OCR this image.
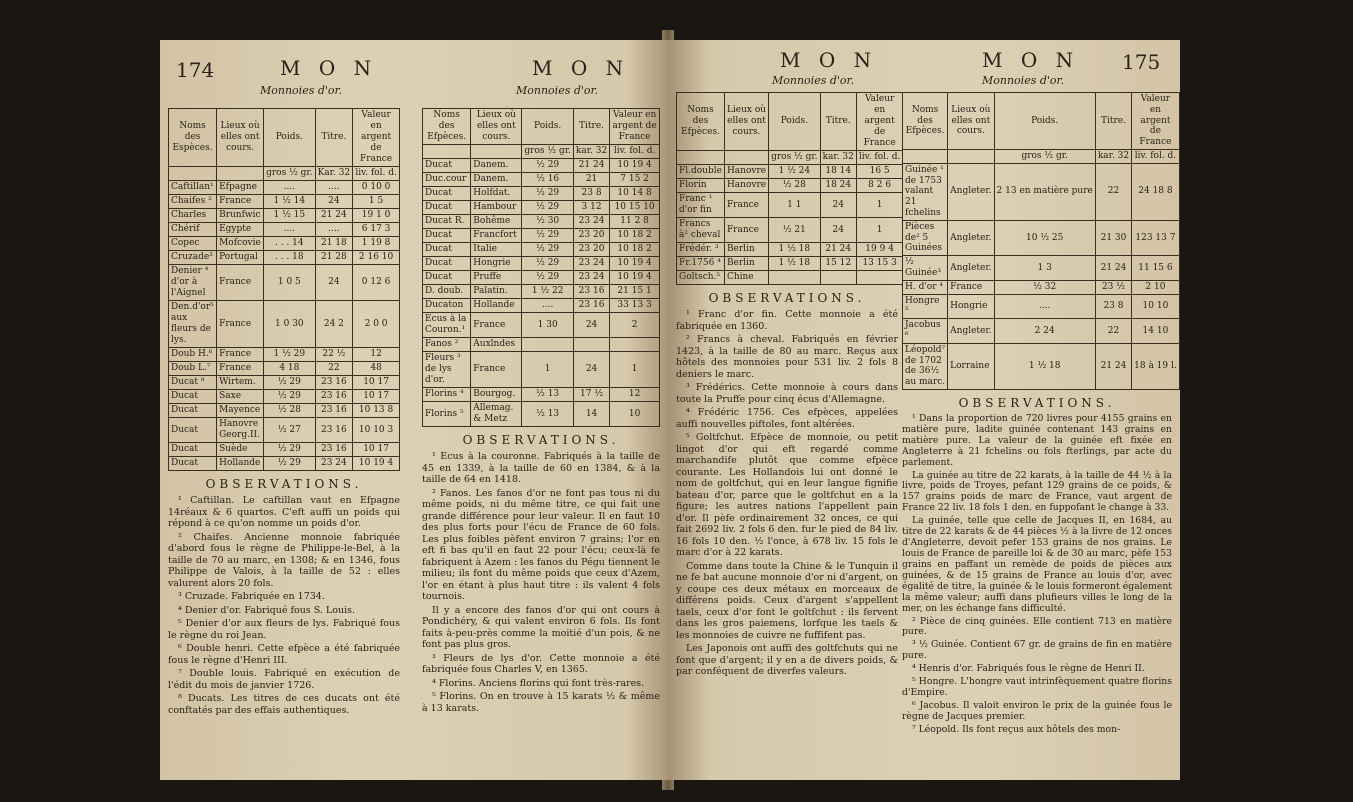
174	M O N
Monnoies d'or.
M O N
Monnoies d'or.
Noms des Espèces.	Lieux où elles ont cours.	Poids.	Titre.	Valeur en argent de France
		gros ½ gr.	Kar. 32	liv. fol. d.
Caftillan¹	Efpagne	....	....	0 10 0
Chaifes ²	France	1 ½ 14	24	1 5
Charles	Brunfwic	1 ½ 15	21 24	19 1 0
Chérif	Egypte	....	....	6 17 3
Copec	Mofcovie	. . . 14	21 18	1 19 8
Cruzade³	Portugal	. . . 18	21 28	2 16 10
Denier ⁴ d'or à l'Aignel	France	1 0 5	24	0 12 6
Den.d'or⁵ aux fleurs de lys.	France	1 0 30	24 2	2 0 0
Doub H.⁶	France	1 ½ 29	22 ½	12
Doub L.⁷	France	4 18	22	48
Ducat ⁸	Wirtem.	½ 29	23 16	10 17
Ducat	Saxe	½ 29	23 16	10 17
Ducat	Mayence	½ 28	23 16	10 13 8
Ducat	Hanovre Georg.II.	½ 27	23 16	10 10 3
Ducat	Suède	½ 29	23 16	10 17
Ducat	Hollande	½ 29	23 24	10 19 4
OBSERVATIONS.

¹ Caftillan. Le caftillan vaut en Efpagne 14réaux & 6 quartos. C'eft auffi un poids qui répond à ce qu'on nomme un poids d'or.

² Chaifes. Ancienne monnoie fabriquée d'abord fous le règne de Philippe-le-Bel, à la taille de 70 au marc, en 1308; & en 1346, fous Philippe de Valois, à la taille de 52 : elles valurent alors 20 fols.

³ Cruzade. Fabriquée en 1734.

⁴ Denier d'or. Fabriqué fous S. Louis.

⁵ Denier d'or aux fleurs de lys. Fabriqué fous le règne du roi Jean.

⁶ Double henri. Cette efpèce a été fabriquée fous le règne d'Henri III.

⁷ Double louis. Fabriqué en exécution de l'édit du mois de janvier 1726.

⁸ Ducats. Les titres de ces ducats ont été conftatés par des effais authentiques.

Noms des Efpèces.	Lieux où elles ont cours.	Poids.	Titre.	Valeur en argent de France
		gros ½ gr.	kar. 32	liv. fol. d.
Ducat	Danem.	½ 29	21 24	10 19 4
Duc.cour	Danem.	½ 16	21	7 15 2
Ducat	Holfdat.	½ 29	23 8	10 14 8
Ducat	Hambour	½ 29	3 12	10 15 10
Ducat R.	Bohême	½ 30	23 24	11 2 8
Ducat	Francfort	½ 29	23 20	10 18 2
Ducat	Italie	½ 29	23 20	10 18 2
Ducat	Hongrie	½ 29	23 24	10 19 4
Ducat	Pruffe	½ 29	23 24	10 19 4
D. doub.	Palatin.	1 ½ 22	23 16	21 15 1
Ducaton	Hollande	....	23 16	33 13 3
Ecus à la Couron.¹	France	1 30	24	2
Fanos ²	Auxlndes			
Fleurs ³ de lys d'or.	France	1	24	1
Florins ⁴	Bourgog.	½ 13	17 ½	12
Florins ⁵	Allemag. & Metz	½ 13	14	10
OBSERVATIONS.

¹ Ecus à la couronne. Fabriqués à la taille de 45 en 1339, à la taille de 60 en 1384, & à la taille de 64 en 1418.

² Fanos. Les fanos d'or ne font pas tous ni du même poids, ni du même titre, ce qui fait une grande différence pour leur valeur. Il en faut 10 des plus forts pour l'écu de France de 60 fols. Les plus foibles pèfent environ 7 grains; l'or en eft fi bas qu'il en faut 22 pour l'écu; ceux-là fe fabriquent à Azem : les fanos du Pégu tiennent le milieu; ils font du même poids que ceux d'Azem, l'or en étant à plus haut titre : ils valent 4 fols tournois.

Il y a encore des fanos d'or qui ont cours à Pondichéry, & qui valent environ 6 fols. Ils font faits à-peu-près comme la moitié d'un pois, & ne font pas plus gros.

³ Fleurs de lys d'or. Cette monnoie a été fabriquée fous Charles V, en 1365.

⁴ Florins. Anciens florins qui font très-rares.

⁵ Florins. On en trouve à 15 karats ½ & même à 13 karats.

M O N
Monnoies d'or.
M O N
Monnoies d'or.
175
Noms des Efpèces.	Lieux où elles ont cours.	Poids.	Titre.	Valeur en argent de France
		gros ½ gr.	kar. 32	liv. fol. d.
Fl.double	Hanovre	1 ½ 24	18 14	16 5
Florin	Hanovre	½ 28	18 24	8 2 6
Franc ¹ d'or fin	France	1 1	24	1
Francs à² cheval	France	½ 21	24	1
Frédér. ³	Berlin	1 ½ 18	21 24	19 9 4
Fr.1756 ⁴	Berlin	1 ½ 18	15 12	13 15 3
Goltsch.⁵	Chine			
OBSERVATIONS.

¹ Franc d'or fin. Cette monnoie a été fabriquée en 1360.

² Francs à cheval. Fabriqués en février 1423, à la taille de 80 au marc. Reçus aux hôtels des monnoies pour 531 liv. 2 fols 8 deniers le marc.

³ Frédérics. Cette monnoie à cours dans toute la Pruffe pour cinq écus d'Allemagne.

⁴ Frédéric 1756. Ces efpèces, appelées auffi nouvelles piftoles, font altérées.

⁵ Goltfchut. Efpèce de monnoie, ou petit lingot d'or qui eft regardé comme marchandife plutôt que comme efpèce courante. Les Hollandois lui ont donné le nom de goltfchut, qui en leur langue fignifie bateau d'or, parce que le goltfchut en a la figure; les autres nations l'appellent pain d'or. Il pèfe ordinairement 32 onces, ce qui fait 2692 liv. 2 fols 6 den. fur le pied de 84 liv. 16 fols 10 den. ½ l'once, à 678 liv. 15 fols le marc d'or à 22 karats.

Comme dans toute la Chine & le Tunquin il ne fe bat aucune monnoie d'or ni d'argent, on y coupe ces deux métaux en morceaux de différens poids. Ceux d'argent s'appellent taels, ceux d'or font le goltfchut : ils fervent dans les gros paiemens, lorfque les taels & les monnoies de cuivre ne fuffifent pas.

Les Japonois ont auffi des goltfchuts qui ne font que d'argent; il y en a de divers poids, & par conféquent de diverfes valeurs.

Noms des Efpèces.	Lieux où elles ont cours.	Poids.	Titre.	Valeur en argent de France
		gros ½ gr.	kar. 32	liv. fol. d.
Guinée ¹ de 1753 valant 21 fchelins	Angleter.	2 13 en matière pure	22	24 18 8
Pièces de² 5 Guinées	Angleter.	10 ½ 25	21 30	123 13 7
½ Guinée³	Angleter.	1 3	21 24	11 15 6
H. d'or ⁴	France	½ 32	23 ½	2 10
Hongre ⁵	Hongrie	....	23 8	10 10
Jacobus ⁶	Angleter.	2 24	22	14 10
Léopold⁷ de 1702 de 36½ au marc.	Lorraine	1 ½ 18	21 24	18 à 19 l.
OBSERVATIONS.

¹ Dans la proportion de 720 livres pour 4155 grains en matière pure, ladite guinée contenant 143 grains en matière pure. La valeur de la guinée eft fixée en Angleterre à 21 fchelins ou fols fterlings, par acte du parlement.

La guinée au titre de 22 karats, à la taille de 44 ½ à la livre, poids de Troyes, pefant 129 grains de ce poids, & 157 grains poids de marc de France, vaut argent de France 22 liv. 18 fols 1 den. en fuppofant le change à 33.

La guinée, telle que celle de Jacques II, en 1684, au titre de 22 karats & de 44 pièces ½ à la livre de 12 onces d'Angleterre, devoit pefer 153 grains de nos grains. Le louis de France de pareille loi & de 30 au marc, pèfe 153 grains en paffant un remède de poids de pièces aux guinées, & de 15 grains de France au louis d'or, avec égalité de titre, la guinée & le louis formeront également la même valeur; auffi dans plufieurs villes le long de la mer, on les échange fans difficulté.

² Pièce de cinq guinées. Elle contient 713 en matière pure.

³ ½ Guinée. Contient 67 gr. de grains de fin en matière pure.

⁴ Henris d'or. Fabriqués fous le règne de Henri II.

⁵ Hongre. L'hongre vaut intrinfèquement quatre florins d'Empire.

⁶ Jacobus. Il valoit environ le prix de la guinée fous le règne de Jacques premier.

⁷ Léopold. Ils font reçus aux hôtels des mon-
